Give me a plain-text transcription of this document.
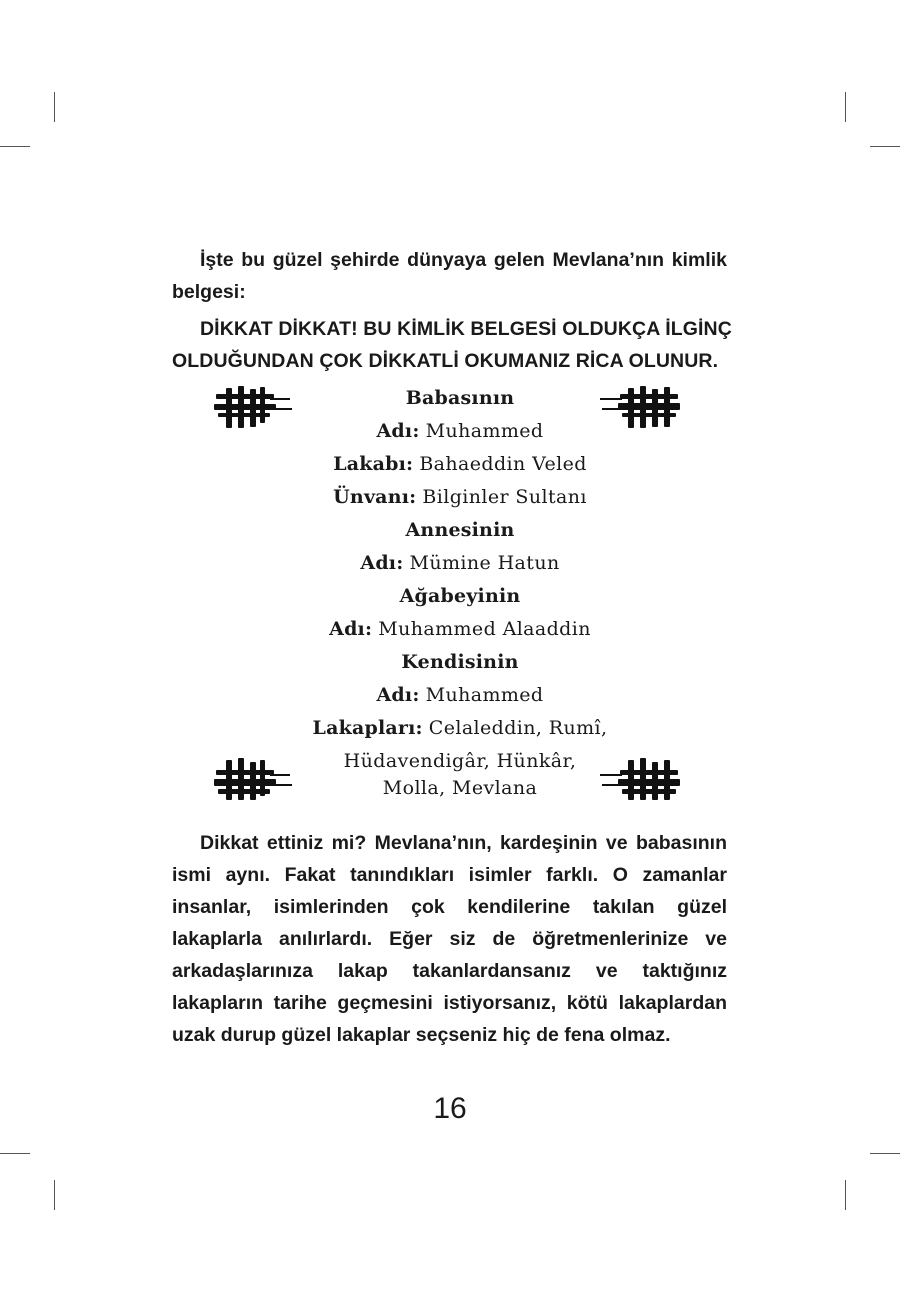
İşte bu güzel şehirde dünyaya gelen Mevlana’nın kimlik belgesi:

DİKKAT DİKKAT! BU KİMLİK BELGESİ OLDUKÇA İLGİNÇ
OLDUĞUNDAN ÇOK DİKKATLİ OKUMANIZ RİCA OLUNUR.
Babasının
Adı: Muhammed
Lakabı: Bahaeddin Veled
Ünvanı: Bilginler Sultanı
Annesinin
Adı: Mümine Hatun
Ağabeyinin
Adı: Muhammed Alaaddin
Kendisinin
Adı: Muhammed
Lakapları: Celaleddin, Rumî,
Hüdavendigâr, Hünkâr,
Molla, Mevlana

Dikkat ettiniz mi? Mevlana’nın, kardeşinin ve babasının ismi aynı. Fakat tanındıkları isimler farklı. O zamanlar insanlar, isimlerinden çok kendilerine takılan güzel lakaplarla anılırlardı. Eğer siz de öğretmenlerinize ve arkadaşlarınıza lakap takanlardansanız ve taktığınız lakapların tarihe geçmesini istiyorsanız, kötü lakaplardan uzak durup güzel lakaplar seçseniz hiç de fena olmaz.

16
